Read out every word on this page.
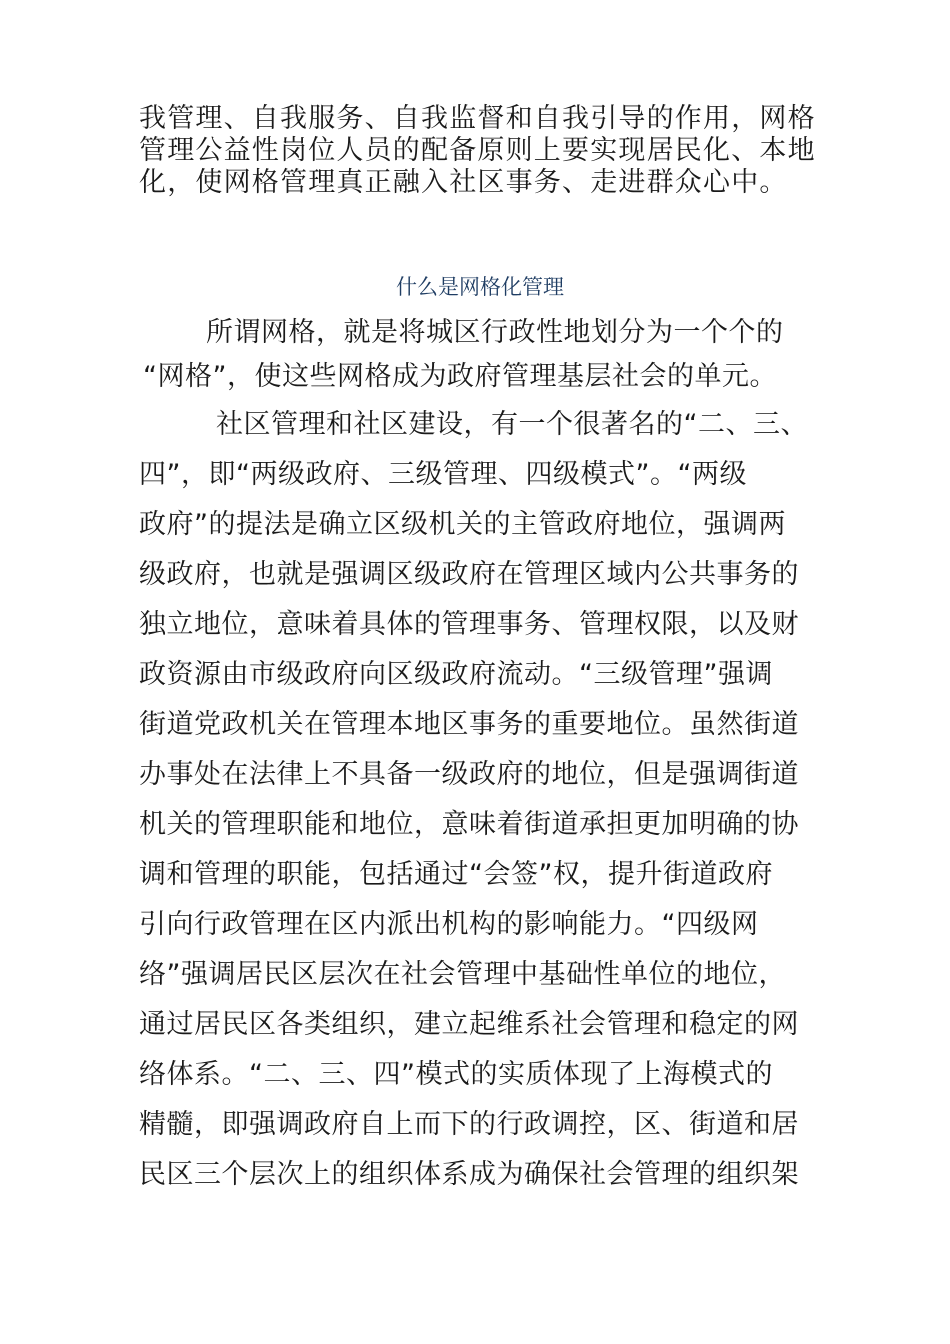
我管理、自我服务、自我监督和自我引导的作用，网格
管理公益性岗位人员的配备原则上要实现居民化、本地
化，使网格管理真正融入社区事务、走进群众心中。
什么是网格化管理
所谓网格，就是将城区行政性地划分为一个个的
“网格”，使这些网格成为政府管理基层社会的单元。
社区管理和社区建设，有一个很著名的“二、三、
四”，即“两级政府、三级管理、四级模式”。“两级
政府”的提法是确立区级机关的主管政府地位，强调两
级政府，也就是强调区级政府在管理区域内公共事务的
独立地位，意味着具体的管理事务、管理权限，以及财
政资源由市级政府向区级政府流动。“三级管理”强调
街道党政机关在管理本地区事务的重要地位。虽然街道
办事处在法律上不具备一级政府的地位，但是强调街道
机关的管理职能和地位，意味着街道承担更加明确的协
调和管理的职能，包括通过“会签”权，提升街道政府
引向行政管理在区内派出机构的影响能力。“四级网
络”强调居民区层次在社会管理中基础性单位的地位，
通过居民区各类组织，建立起维系社会管理和稳定的网
络体系。“二、三、四”模式的实质体现了上海模式的
精髓，即强调政府自上而下的行政调控，区、街道和居
民区三个层次上的组织体系成为确保社会管理的组织架
